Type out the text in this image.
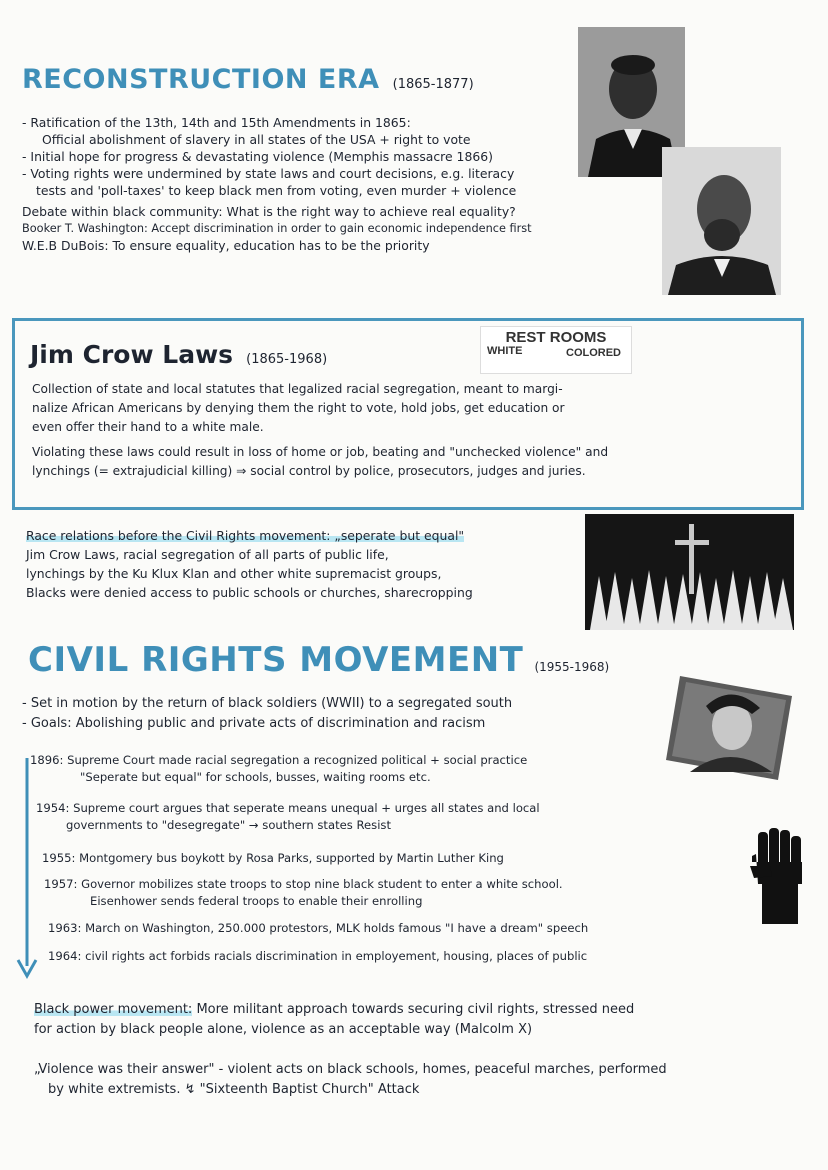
RECONSTRUCTION ERA (1865-1877)
- Ratification of the 13th, 14th and 15th Amendments in 1865:
Official abolishment of slavery in all states of the USA + right to vote
- Initial hope for progress & devastating violence (Memphis massacre 1866)
- Voting rights were undermined by state laws and court decisions, e.g. literacy
tests and 'poll-taxes' to keep black men from voting, even murder + violence
Debate within black community: What is the right way to achieve real equality?
Booker T. Washington: Accept discrimination in order to gain economic independence first
W.E.B DuBois: To ensure equality, education has to be the priority
Jim Crow Laws (1865-1968)
REST ROOMS
WHITE	COLORED
Collection of state and local statutes that legalized racial segregation, meant to margi-
nalize African Americans by denying them the right to vote, hold jobs, get education or
even offer their hand to a white male.
Violating these laws could result in loss of home or job, beating and "unchecked violence" and
lynchings (= extrajudicial killing) ⇒ social control by police, prosecutors, judges and juries.
Race relations before the Civil Rights movement: „seperate but equal"
Jim Crow Laws, racial segregation of all parts of public life,
lynchings by the Ku Klux Klan and other white supremacist groups,
Blacks were denied access to public schools or churches, sharecropping
CIVIL RIGHTS MOVEMENT (1955-1968)
- Set in motion by the return of black soldiers (WWII) to a segregated south
- Goals: Abolishing public and private acts of discrimination and racism
1896: Supreme Court made racial segregation a recognized political + social practice
"Seperate but equal" for schools, busses, waiting rooms etc.
1954: Supreme court argues that seperate means unequal + urges all states and local
governments to "desegregate" → southern states Resist
1955: Montgomery bus boykott by Rosa Parks, supported by Martin Luther King
1957: Governor mobilizes state troops to stop nine black student to enter a white school.
Eisenhower sends federal troops to enable their enrolling
1963: March on Washington, 250.000 protestors, MLK holds famous "I have a dream" speech
1964: civil rights act forbids racials discrimination in employement, housing, places of public
Black power movement: More militant approach towards securing civil rights, stressed need
for action by black people alone, violence as an acceptable way (Malcolm X)
„Violence was their answer" - violent acts on black schools, homes, peaceful marches, performed
by white extremists. ↯ "Sixteenth Baptist Church" Attack
